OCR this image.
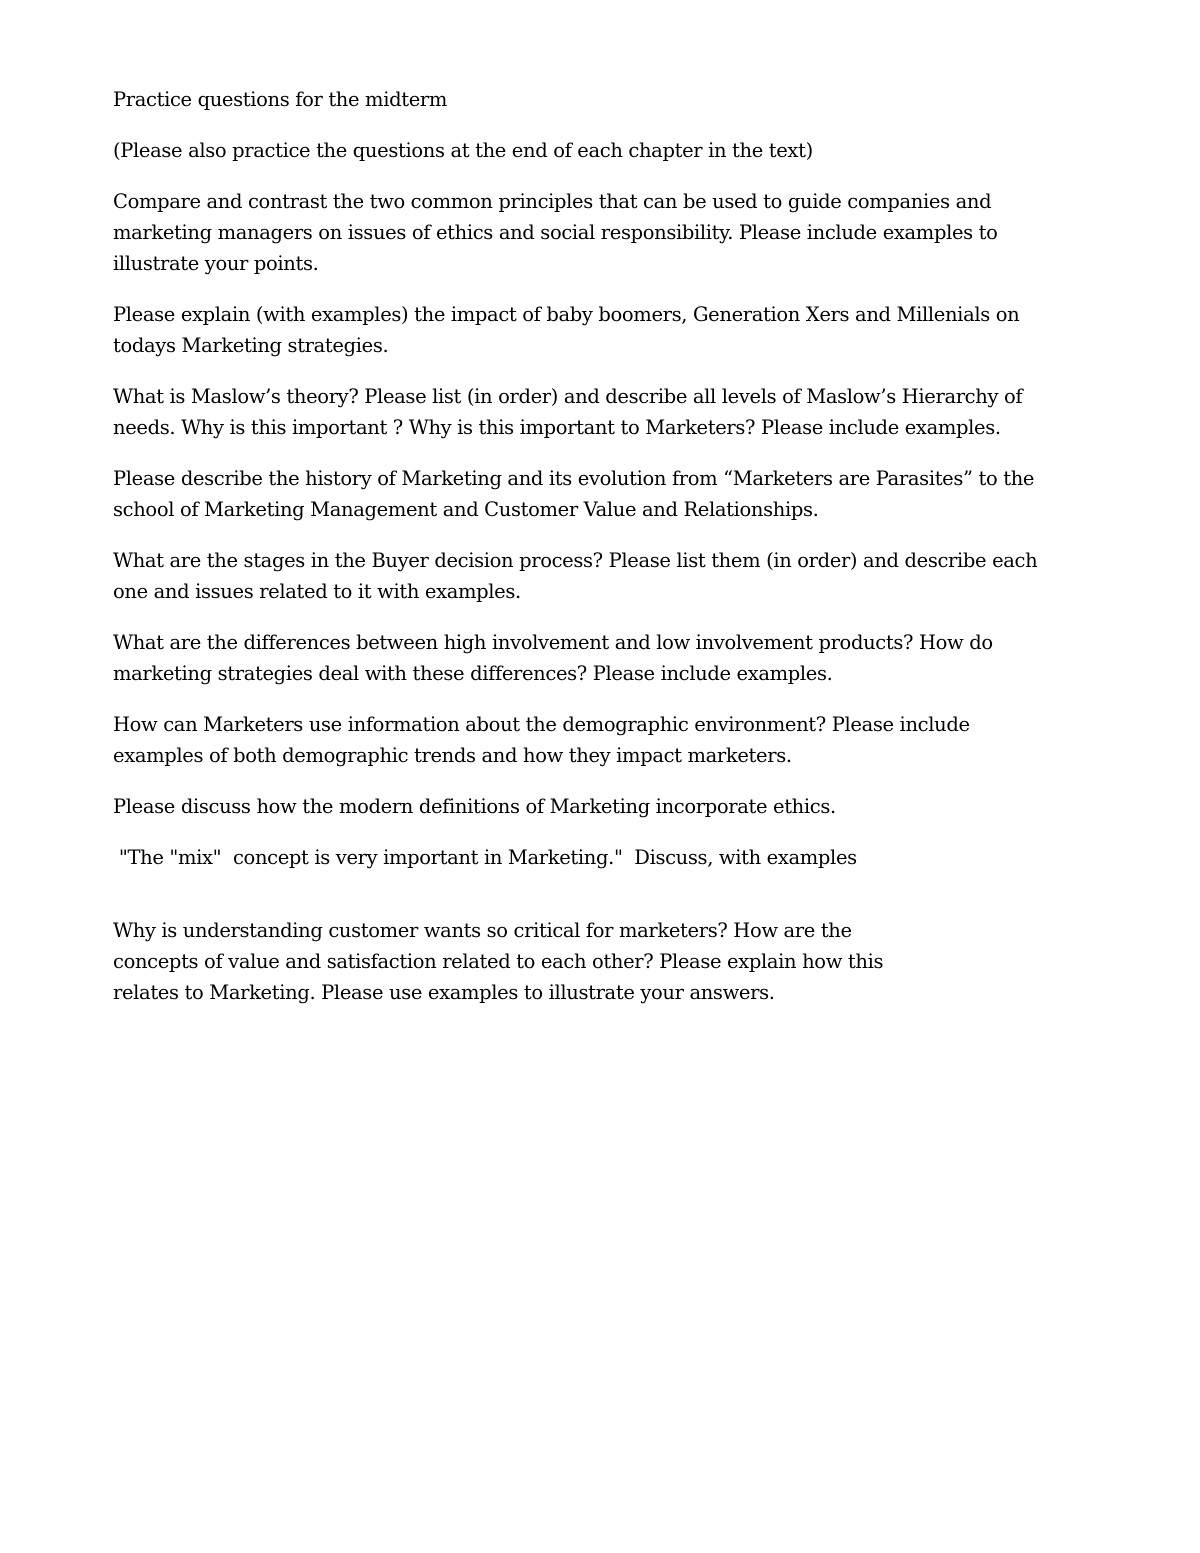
Practice questions for the midterm

(Please also practice the questions at the end of each chapter in the text)

Compare and contrast the two common principles that can be used to guide companies and
marketing managers on issues of ethics and social responsibility. Please include examples to
illustrate your points.

Please explain (with examples) the impact of baby boomers, Generation Xers and Millenials on
todays Marketing strategies.

What is Maslow’s theory? Please list (in order) and describe all levels of Maslow’s Hierarchy of
needs. Why is this important ? Why is this important to Marketers? Please include examples.

Please describe the history of Marketing and its evolution from “Marketers are Parasites” to the
school of Marketing Management and Customer Value and Relationships.

What are the stages in the Buyer decision process? Please list them (in order) and describe each
one and issues related to it with examples.

What are the differences between high involvement and low involvement products? How do
marketing strategies deal with these differences? Please include examples.

How can Marketers use information about the demographic environment? Please include
examples of both demographic trends and how they impact marketers.

Please discuss how the modern definitions of Marketing incorporate ethics.

"The "mix"  concept is very important in Marketing."  Discuss, with examples

Why is understanding customer wants so critical for marketers? How are the
concepts of value and satisfaction related to each other? Please explain how this
relates to Marketing. Please use examples to illustrate your answers.
